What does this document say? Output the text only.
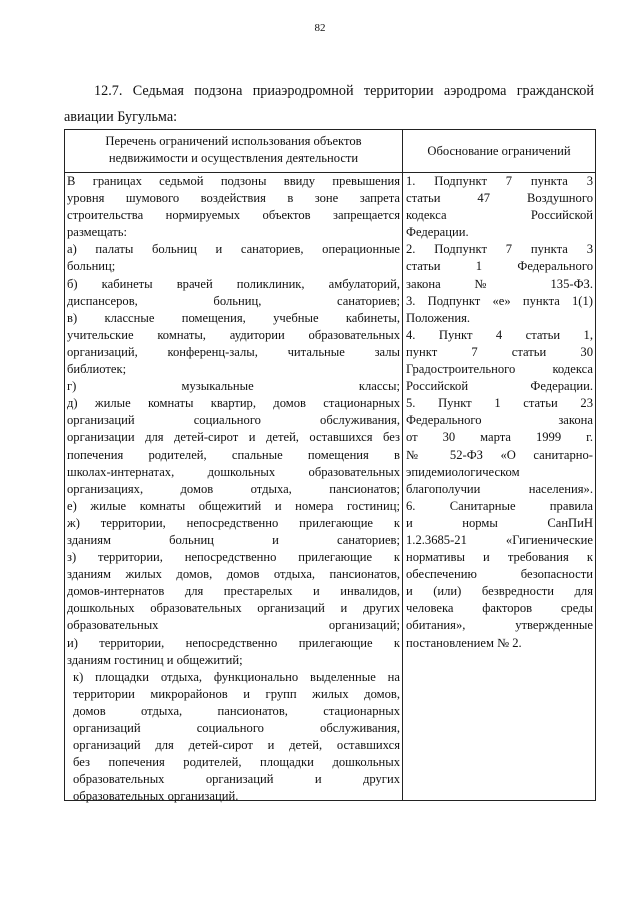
82
12.7. Седьмая подзона приаэродромной территории аэродрома гражданской авиации Бугульма:
Перечень ограничений использования объектов недвижимости и осуществления деятельности
Обоснование ограничений
В границах седьмой подзоны ввиду превышения
уровня шумового воздействия в зоне запрета
строительства нормируемых объектов запрещается
размещать:
а) палаты больниц и санаториев, операционные
больниц;
б) кабинеты врачей поликлиник, амбулаторий,
диспансеров, больниц, санаториев;
в) классные помещения, учебные кабинеты,
учительские комнаты, аудитории образовательных
организаций, конференц-залы, читальные залы
библиотек;
г) музыкальные классы;
д) жилые комнаты квартир, домов стационарных
организаций социального обслуживания,
организации для детей-сирот и детей, оставшихся без
попечения родителей, спальные помещения в
школах-интернатах, дошкольных образовательных
организациях, домов отдыха, пансионатов;
е) жилые комнаты общежитий и номера гостиниц;
ж) территории, непосредственно прилегающие к
зданиям больниц и санаториев;
з) территории, непосредственно прилегающие к
зданиям жилых домов, домов отдыха, пансионатов,
домов-интернатов для престарелых и инвалидов,
дошкольных образовательных организаций и других
образовательных организаций;
и) территории, непосредственно прилегающие к
зданиям гостиниц и общежитий;
к) площадки отдыха, функционально выделенные на
территории микрорайонов и групп жилых домов,
домов отдыха, пансионатов, стационарных
организаций социального обслуживания,
организаций для детей-сирот и детей, оставшихся
без попечения родителей, площадки дошкольных
образовательных организаций и других
образовательных организаций.
1. Подпункт 7 пункта 3
статьи 47 Воздушного
кодекса Российской
Федерации.
2. Подпункт 7 пункта 3
статьи 1 Федерального
закона № 135-ФЗ.
3. Подпункт «е» пункта 1(1)
Положения.
4. Пункт 4 статьи 1,
пункт 7 статьи 30
Градостроительного кодекса
Российской Федерации.
5. Пункт 1 статьи 23
Федерального закона
от 30 марта 1999 г.
№ 52-ФЗ «О санитарно-
эпидемиологическом
благополучии населения».
6. Санитарные правила
и нормы СанПиН
1.2.3685-21 «Гигиенические
нормативы и требования к
обеспечению безопасности
и (или) безвредности для
человека факторов среды
обитания», утвержденные
постановлением № 2.
